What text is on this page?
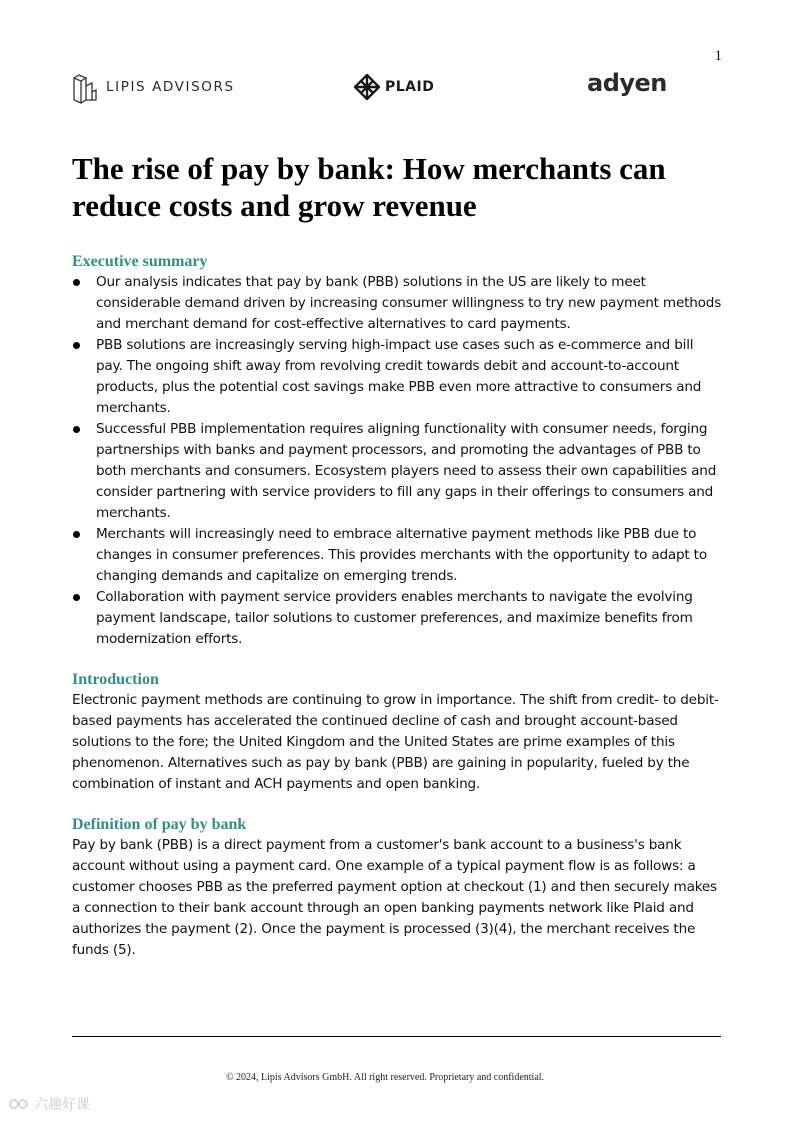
1
LIPIS ADVISORS	PLAID	adyen
The rise of pay by bank: How merchants can reduce costs and grow revenue
Executive summary
Our analysis indicates that pay by bank (PBB) solutions in the US are likely to meet considerable demand driven by increasing consumer willingness to try new payment methods and merchant demand for cost-effective alternatives to card payments.
PBB solutions are increasingly serving high-impact use cases such as e-commerce and bill pay. The ongoing shift away from revolving credit towards debit and account-to-account products, plus the potential cost savings make PBB even more attractive to consumers and merchants.
Successful PBB implementation requires aligning functionality with consumer needs, forging partnerships with banks and payment processors, and promoting the advantages of PBB to both merchants and consumers. Ecosystem players need to assess their own capabilities and consider partnering with service providers to fill any gaps in their offerings to consumers and merchants.
Merchants will increasingly need to embrace alternative payment methods like PBB due to changes in consumer preferences. This provides merchants with the opportunity to adapt to changing demands and capitalize on emerging trends.
Collaboration with payment service providers enables merchants to navigate the evolving payment landscape, tailor solutions to customer preferences, and maximize benefits from modernization efforts.
Introduction

Electronic payment methods are continuing to grow in importance. The shift from credit- to debit-based payments has accelerated the continued decline of cash and brought account-based solutions to the fore; the United Kingdom and the United States are prime examples of this phenomenon. Alternatives such as pay by bank (PBB) are gaining in popularity, fueled by the combination of instant and ACH payments and open banking.

Definition of pay by bank

Pay by bank (PBB) is a direct payment from a customer's bank account to a business's bank account without using a payment card. One example of a typical payment flow is as follows: a customer chooses PBB as the preferred payment option at checkout (1) and then securely makes a connection to their bank account through an open banking payments network like Plaid and authorizes the payment (2). Once the payment is processed (3)(4), the merchant receives the funds (5).

© 2024, Lipis Advisors GmbH. All right reserved. Proprietary and confidential.
六趣好课
